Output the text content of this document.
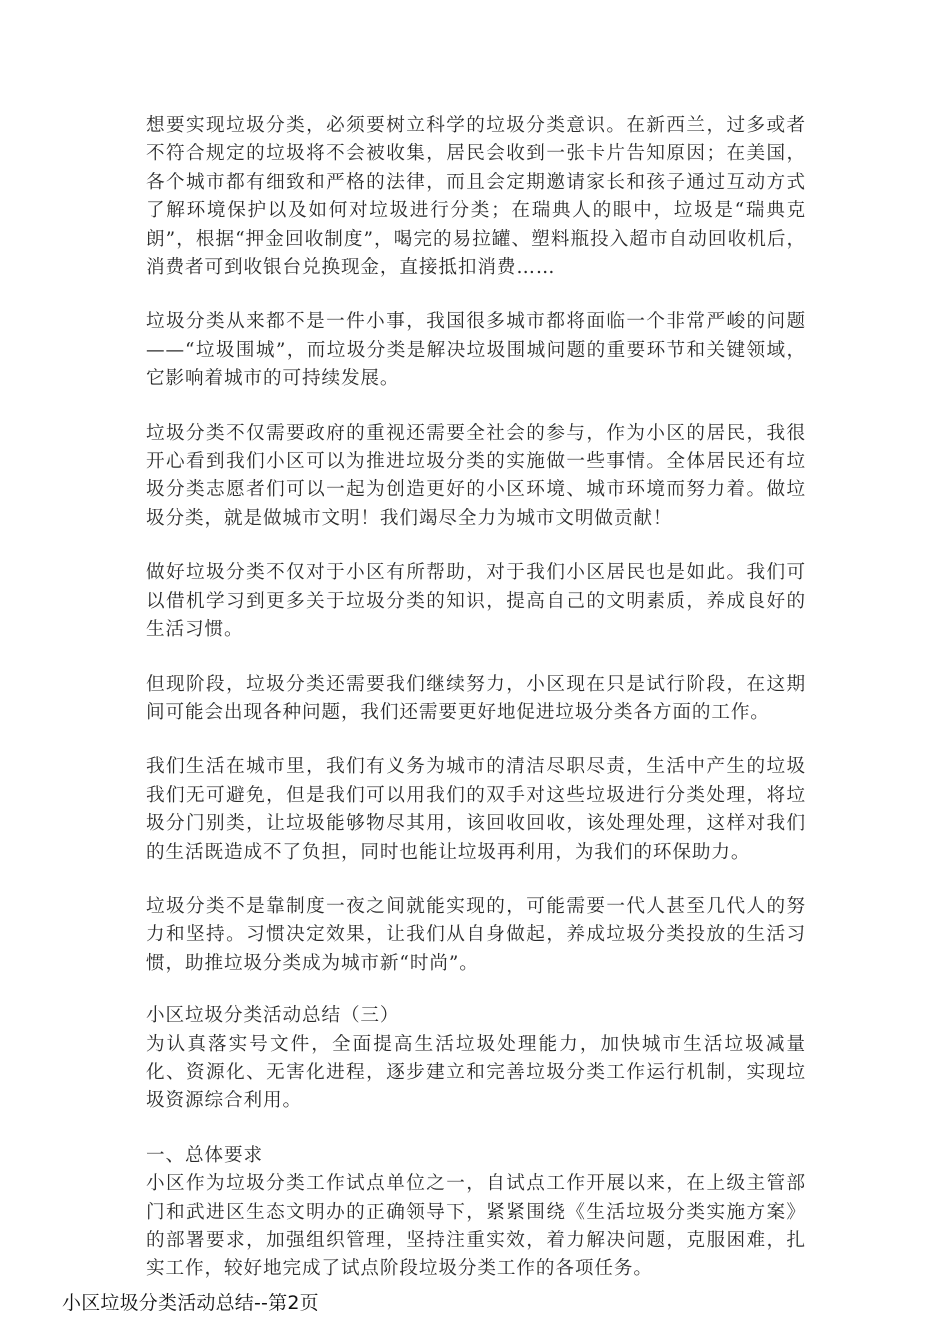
想要实现垃圾分类，必须要树立科学的垃圾分类意识。在新西兰，过多或者不符合规定的垃圾将不会被收集，居民会收到一张卡片告知原因；在美国，各个城市都有细致和严格的法律，而且会定期邀请家长和孩子通过互动方式了解环境保护以及如何对垃圾进行分类；在瑞典人的眼中，垃圾是“瑞典克朗”，根据“押金回收制度”，喝完的易拉罐、塑料瓶投入超市自动回收机后，消费者可到收银台兑换现金，直接抵扣消费……

垃圾分类从来都不是一件小事，我国很多城市都将面临一个非常严峻的问题——“垃圾围城”，而垃圾分类是解决垃圾围城问题的重要环节和关键领域，它影响着城市的可持续发展。

垃圾分类不仅需要政府的重视还需要全社会的参与，作为小区的居民，我很开心看到我们小区可以为推进垃圾分类的实施做一些事情。全体居民还有垃圾分类志愿者们可以一起为创造更好的小区环境、城市环境而努力着。做垃圾分类，就是做城市文明！我们竭尽全力为城市文明做贡献！

做好垃圾分类不仅对于小区有所帮助，对于我们小区居民也是如此。我们可以借机学习到更多关于垃圾分类的知识，提高自己的文明素质，养成良好的生活习惯。

但现阶段，垃圾分类还需要我们继续努力，小区现在只是试行阶段，在这期间可能会出现各种问题，我们还需要更好地促进垃圾分类各方面的工作。

我们生活在城市里，我们有义务为城市的清洁尽职尽责，生活中产生的垃圾我们无可避免，但是我们可以用我们的双手对这些垃圾进行分类处理，将垃圾分门别类，让垃圾能够物尽其用，该回收回收，该处理处理，这样对我们的生活既造成不了负担，同时也能让垃圾再利用，为我们的环保助力。

垃圾分类不是靠制度一夜之间就能实现的，可能需要一代人甚至几代人的努力和坚持。习惯决定效果，让我们从自身做起，养成垃圾分类投放的生活习惯，助推垃圾分类成为城市新“时尚”。

小区垃圾分类活动总结（三）

为认真落实号文件，全面提高生活垃圾处理能力，加快城市生活垃圾减量化、资源化、无害化进程，逐步建立和完善垃圾分类工作运行机制，实现垃圾资源综合利用。

一、总体要求

小区作为垃圾分类工作试点单位之一，自试点工作开展以来，在上级主管部门和武进区生态文明办的正确领导下，紧紧围绕《生活垃圾分类实施方案》的部署要求，加强组织管理，坚持注重实效，着力解决问题，克服困难，扎实工作，较好地完成了试点阶段垃圾分类工作的各项任务。

小区垃圾分类活动总结--第2页
